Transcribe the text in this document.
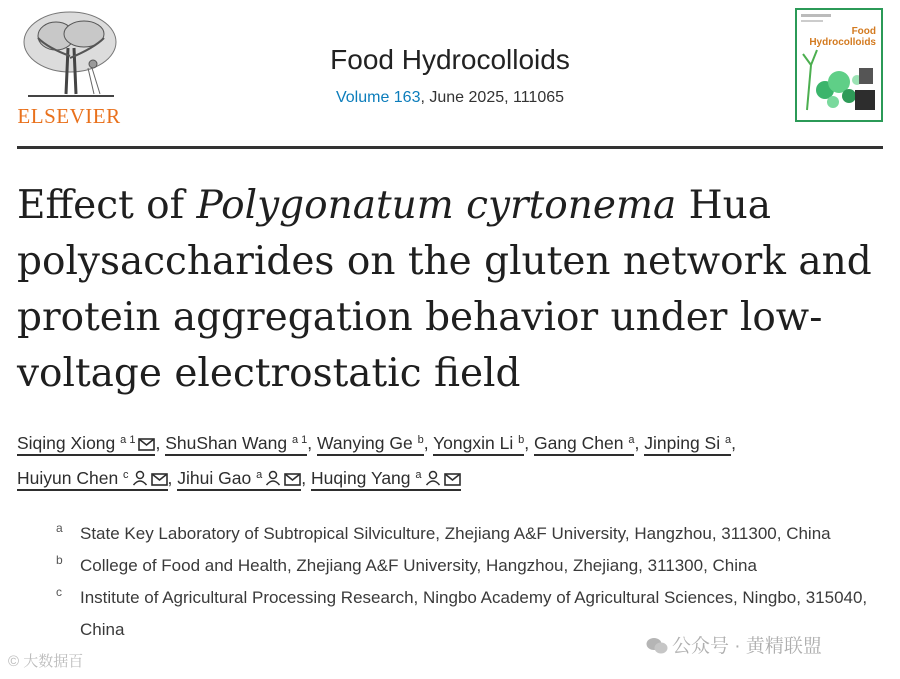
ELSEVIER
Food Hydrocolloids
Volume 163, June 2025, 111065
Food
Hydrocolloids
Effect of Polygonatum cyrtonema Hua polysaccharides on the gluten network and protein aggregation behavior under low-voltage electrostatic field
Siqing Xiong $^{a 1}$ , ShuShan Wang $^{a 1}$, Wanying Ge $^b$, Yongxin Li $^b$, Gang Chen $^a$, Jinping Si $^a$,
Huiyun Chen $^c$ , Jihui Gao $^a$ , Huqing Yang $^a$
a State Key Laboratory of Subtropical Silviculture, Zhejiang A&F University, Hangzhou, 311300, China
b College of Food and Health, Zhejiang A&F University, Hangzhou, Zhejiang, 311300, China
c Institute of Agricultural Processing Research, Ningbo Academy of Agricultural Sciences, Ningbo, 315040, China
公众号 · 黄精联盟
© 大数据百
